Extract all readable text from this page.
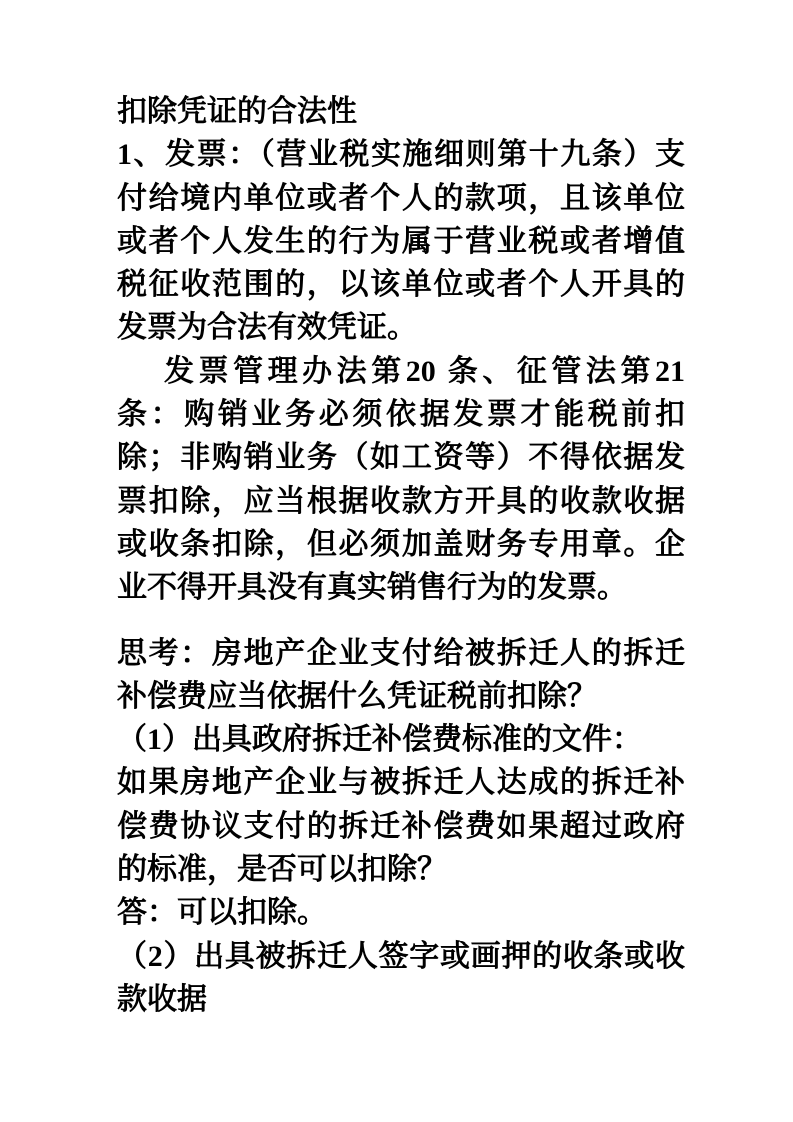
扣除凭证的合法性

1、发票：（营业税实施细则第十九条）支付给境内单位或者个人的款项，且该单位或者个人发生的行为属于营业税或者增值税征收范围的，以该单位或者个人开具的发票为合法有效凭证。

发票管理办法第20 条、征管法第21 条：购销业务必须依据发票才能税前扣除；非购销业务（如工资等）不得依据发票扣除，应当根据收款方开具的收款收据或收条扣除，但必须加盖财务专用章。企业不得开具没有真实销售行为的发票。

思考：房地产企业支付给被拆迁人的拆迁补偿费应当依据什么凭证税前扣除？

（1）出具政府拆迁补偿费标准的文件：

如果房地产企业与被拆迁人达成的拆迁补偿费协议支付的拆迁补偿费如果超过政府的标准，是否可以扣除？

答：可以扣除。

（2）出具被拆迁人签字或画押的收条或收款收据
